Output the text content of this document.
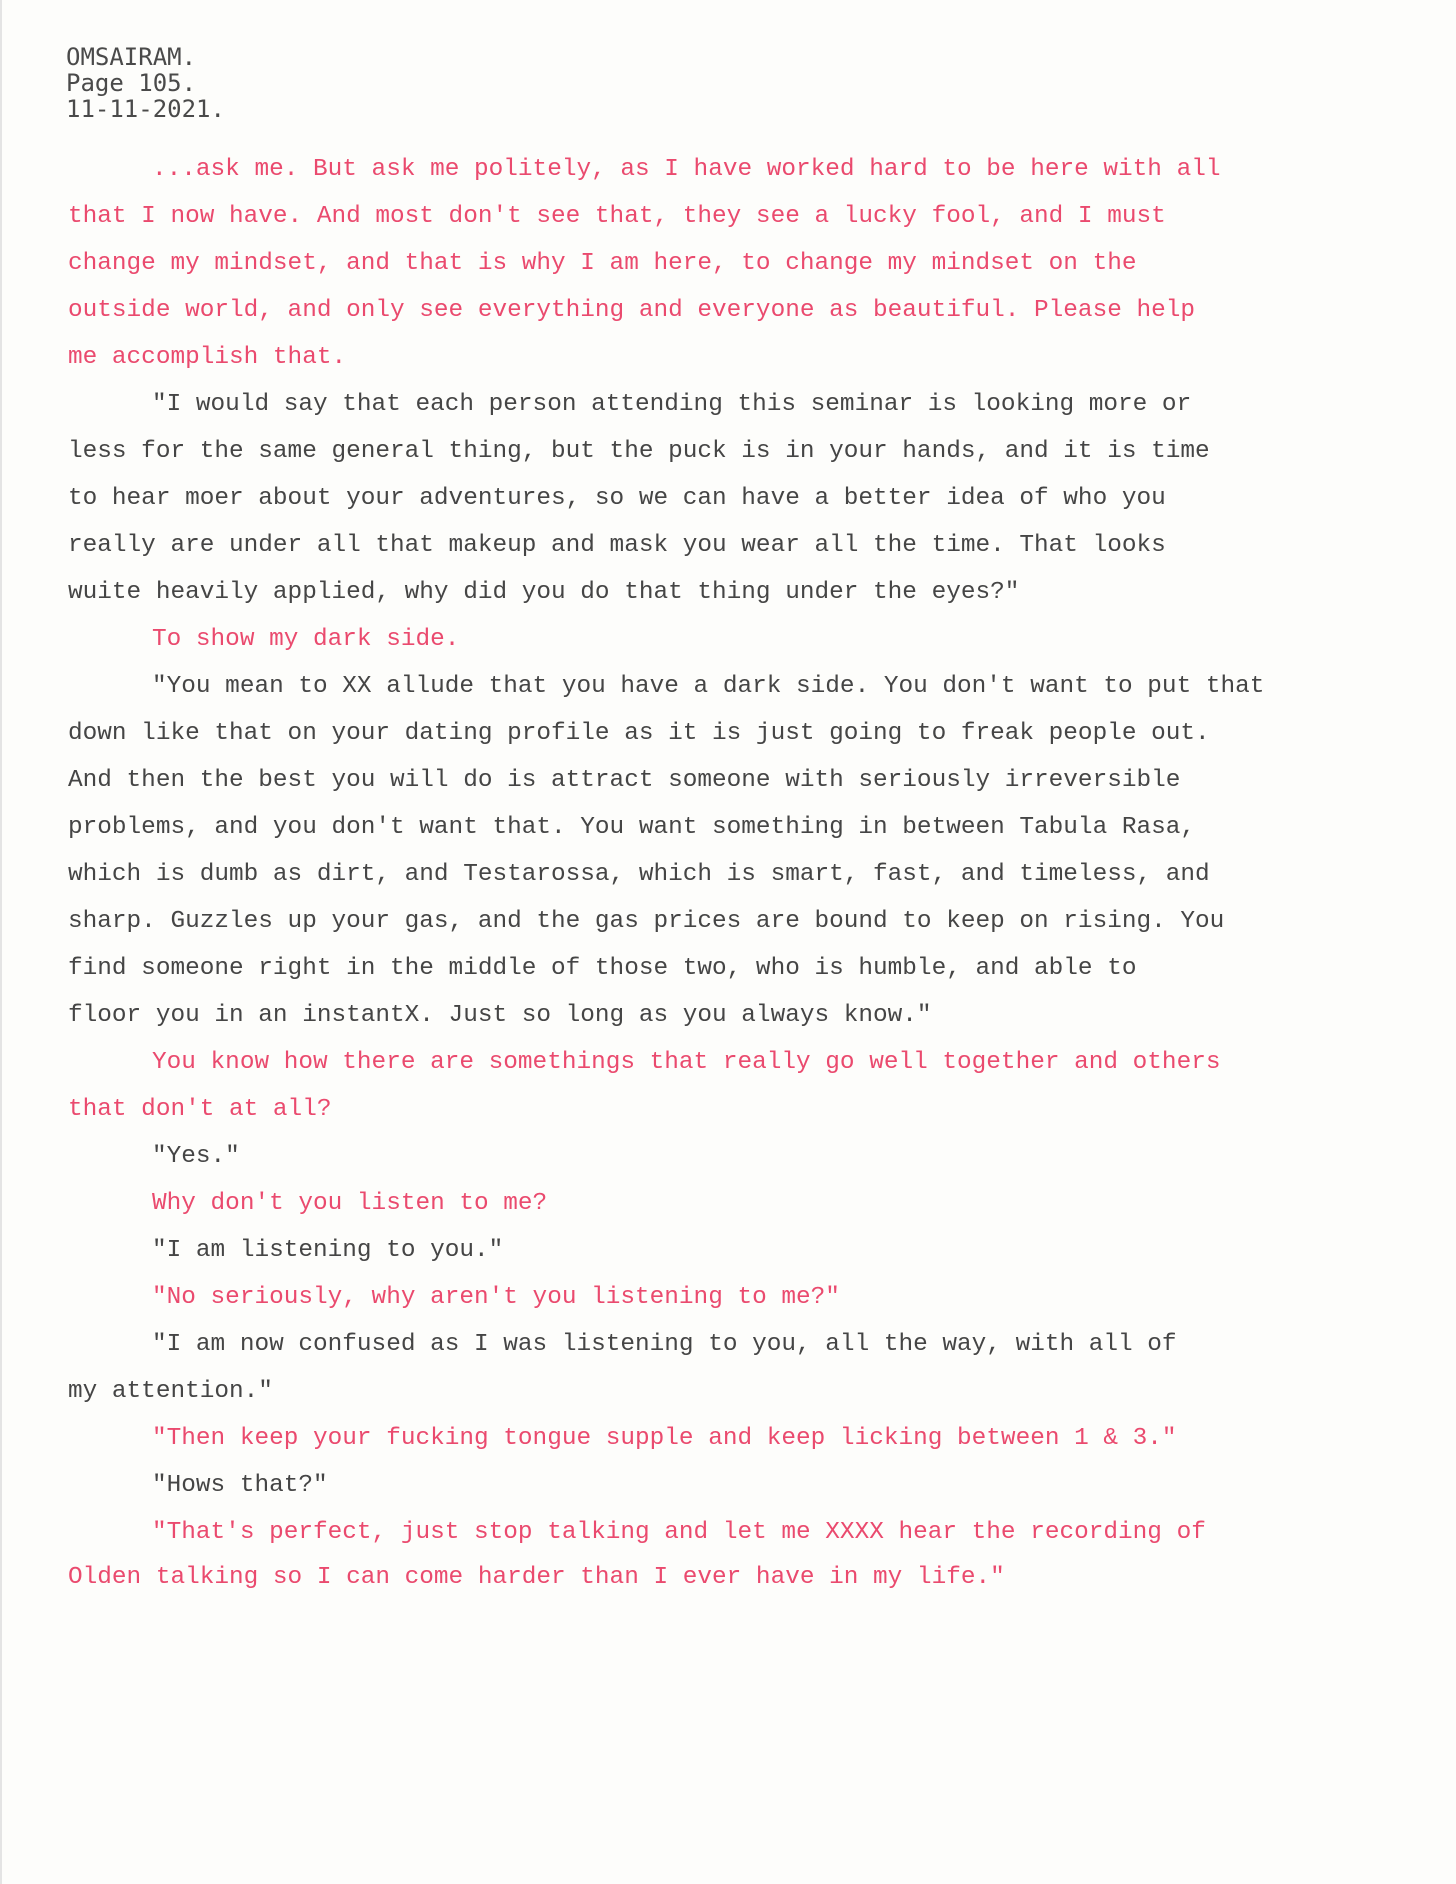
OMSAIRAM.
Page 105.
11-11-2021.
...ask me. But ask me politely, as I have worked hard to be here with all
that I now have. And most don't see that, they see a lucky fool, and I must
change my mindset, and that is why I am here, to change my mindset on the
outside world, and only see everything and everyone as beautiful. Please help
me accomplish that.
"I would say that each person attending this seminar is looking more or
less for the same general thing, but the puck is in your hands, and it is time
to hear moer about your adventures, so we can have a better idea of who you
really are under all that makeup and mask you wear all the time. That looks
wuite heavily applied, why did you do that thing under the eyes?"
To show my dark side.
"You mean to XX allude that you have a dark side. You don't want to put that
down like that on your dating profile as it is just going to freak people out.
And then the best you will do is attract someone with seriously irreversible
problems, and you don't want that. You want something in between Tabula Rasa,
which is dumb as dirt, and Testarossa, which is smart, fast, and timeless, and
sharp. Guzzles up your gas, and the gas prices are bound to keep on rising. You
find someone right in the middle of those two, who is humble, and able to
floor you in an instantX. Just so long as you always know."
You know how there are somethings that really go well together and others
that don't at all?
"Yes."
Why don't you listen to me?
"I am listening to you."
"No seriously, why aren't you listening to me?"
"I am now confused as I was listening to you, all the way, with all of
my attention."
"Then keep your fucking tongue supple and keep licking between 1 & 3."
"Hows that?"
"That's perfect, just stop talking and let me XXXX hear the recording of
Olden talking so I can come harder than I ever have in my life."
